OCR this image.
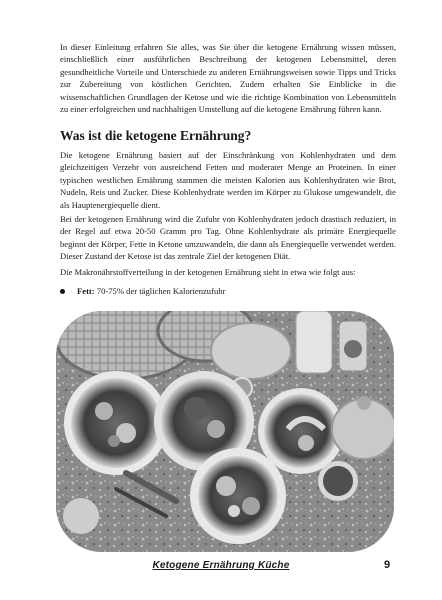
In dieser Einleitung erfahren Sie alles, was Sie über die ketogene Ernährung wissen müssen, einschließlich einer ausführlichen Beschreibung der ketogenen Lebensmittel, deren gesundheitliche Vorteile und Unterschiede zu anderen Ernährungsweisen sowie Tipps und Tricks zur Zubereitung von köstlichen Gerichten. Zudem erhalten Sie Einblicke in die wissenschaftlichen Grundlagen der Ketose und wie die richtige Kombination von Lebensmitteln zu einer erfolgreichen und nachhaltigen Umstellung auf die ketogene Ernährung führen kann.

Was ist die ketogene Ernährung?

Die ketogene Ernährung basiert auf der Einschränkung von Kohlenhydraten und dem gleichzeitigen Verzehr von ausreichend Fetten und moderater Menge an Proteinen. In einer typischen westlichen Ernährung stammen die meisten Kalorien aus Kohlenhydraten wie Brot, Nudeln, Reis und Zucker. Diese Kohlenhydrate werden im Körper zu Glukose umgewandelt, die als Hauptenergiequelle dient.

Bei der ketogenen Ernährung wird die Zufuhr von Kohlenhydraten jedoch drastisch reduziert, in der Regel auf etwa 20-50 Gramm pro Tag. Ohne Kohlenhydrate als primäre Energiequelle beginnt der Körper, Fette in Ketone umzuwandeln, die dann als Energiequelle verwendet werden. Dieser Zustand der Ketose ist das zentrale Ziel der ketogenen Diät.

Die Makronährstoffverteilung in der ketogenen Ernährung sieht in etwa wie folgt aus:

Fett: 70-75% der täglichen Kalorienzufuhr
Ketogene Ernährung Küche	9
